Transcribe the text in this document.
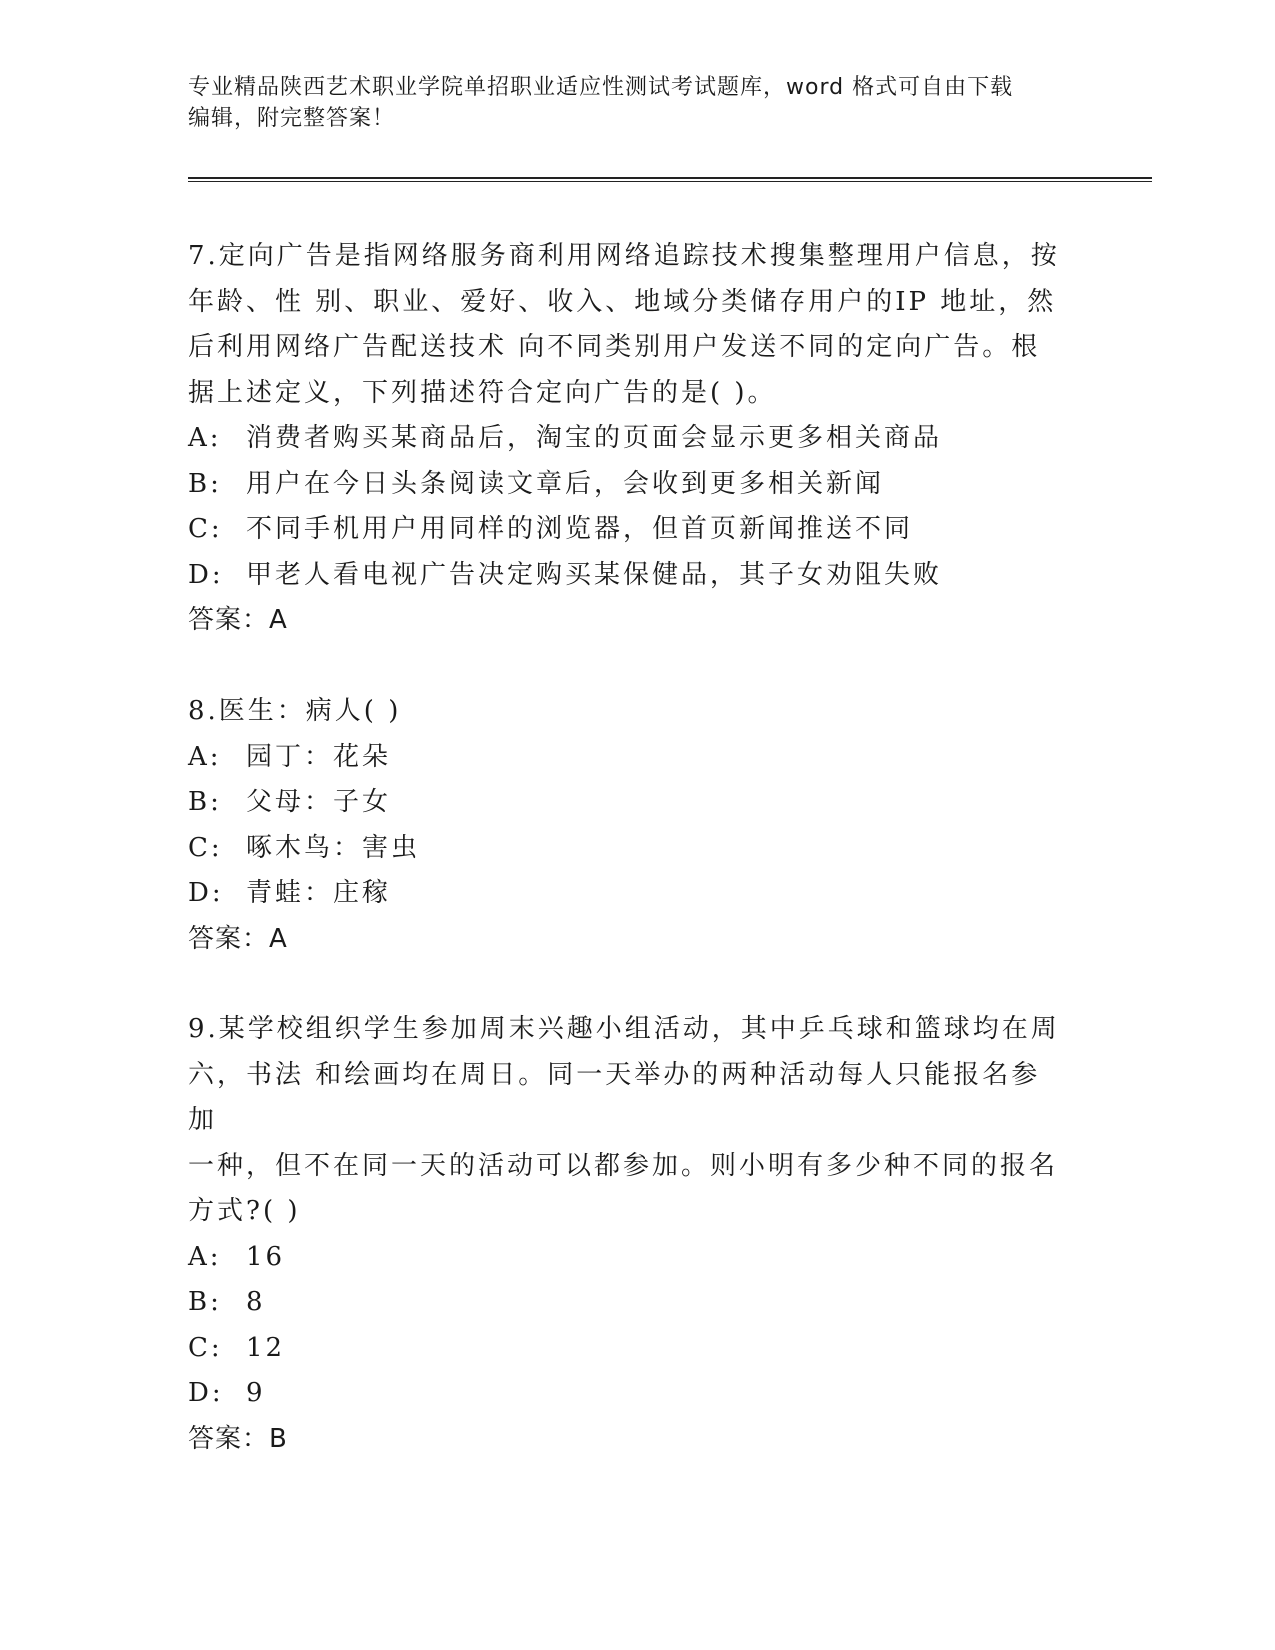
专业精品陕西艺术职业学院单招职业适应性测试考试题库，word 格式可自由下载
编辑，附完整答案！
7.定向广告是指网络服务商利用网络追踪技术搜集整理用户信息，按
年龄、性 别、职业、爱好、收入、地域分类储存用户的IP 地址，然
后利用网络广告配送技术 向不同类别用户发送不同的定向广告。根
据上述定义，下列描述符合定向广告的是( )。
A: 消费者购买某商品后，淘宝的页面会显示更多相关商品
B: 用户在今日头条阅读文章后，会收到更多相关新闻
C: 不同手机用户用同样的浏览器，但首页新闻推送不同
D: 甲老人看电视广告决定购买某保健品，其子女劝阻失败
答案：A
8.医生：病人( )
A: 园丁：花朵
B: 父母：子女
C: 啄木鸟：害虫
D: 青蛙：庄稼
答案：A
9.某学校组织学生参加周末兴趣小组活动，其中乒乓球和篮球均在周
六，书法 和绘画均在周日。同一天举办的两种活动每人只能报名参加
一种，但不在同一天的活动可以都参加。则小明有多少种不同的报名
方式?( )
A: 16
B: 8
C: 12
D: 9
答案：B
